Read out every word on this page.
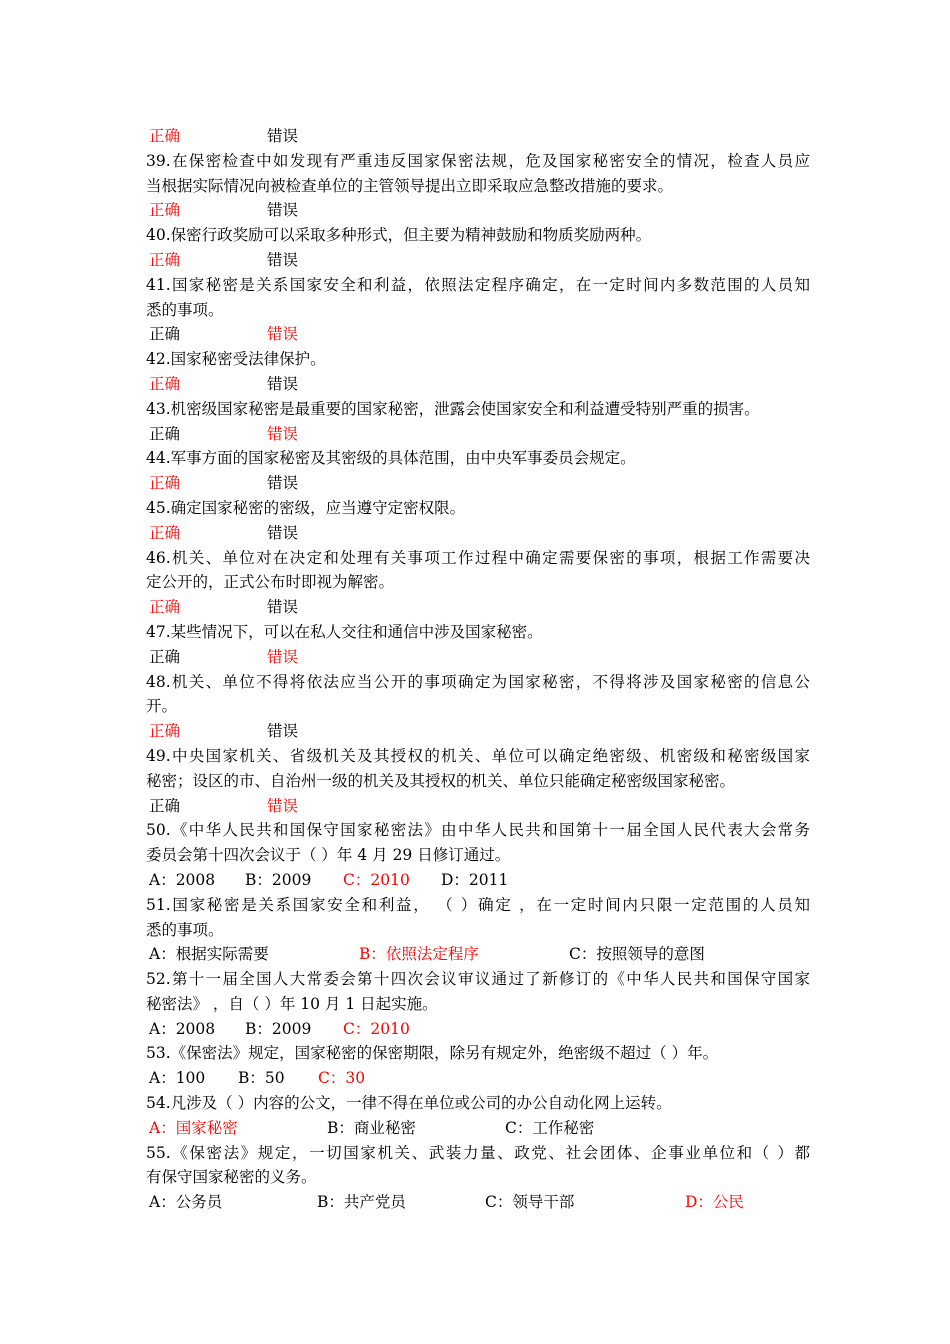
正确	错误
39.在保密检查中如发现有严重违反国家保密法规，危及国家秘密安全的情况，检查人员应
当根据实际情况向被检查单位的主管领导提出立即采取应急整改措施的要求。
正确	错误
40.保密行政奖励可以采取多种形式，但主要为精神鼓励和物质奖励两种。
正确	错误
41.国家秘密是关系国家安全和利益，依照法定程序确定，在一定时间内多数范围的人员知
悉的事项。
正确	错误
42.国家秘密受法律保护。
正确	错误
43.机密级国家秘密是最重要的国家秘密，泄露会使国家安全和利益遭受特别严重的损害。
正确	错误
44.军事方面的国家秘密及其密级的具体范围，由中央军事委员会规定。
正确	错误
45.确定国家秘密的密级，应当遵守定密权限。
正确	错误
46.机关、单位对在决定和处理有关事项工作过程中确定需要保密的事项，根据工作需要决
定公开的，正式公布时即视为解密。
正确	错误
47.某些情况下，可以在私人交往和通信中涉及国家秘密。
正确	错误
48.机关、单位不得将依法应当公开的事项确定为国家秘密，不得将涉及国家秘密的信息公
开。
正确	错误
49.中央国家机关、省级机关及其授权的机关、单位可以确定绝密级、机密级和秘密级国家
秘密；设区的市、自治州一级的机关及其授权的机关、单位只能确定秘密级国家秘密。
正确	错误
50.《中华人民共和国保守国家秘密法》由中华人民共和国第十一届全国人民代表大会常务
委员会第十四次会议于（ ）年 4 月 29 日修订通过。
A：2008 B：2009 C：2010 D：2011
51.国家秘密是关系国家安全和利益， （ ）确定 ，在一定时间内只限一定范围的人员知
悉的事项。
A：根据实际需要	B：依照法定程序	C：按照领导的意图
52.第十一届全国人大常委会第十四次会议审议通过了新修订的《中华人民共和国保守国家
秘密法》 ，自（ ）年 10 月 1 日起实施。
A：2008 B：2009 C：2010
53.《保密法》规定，国家秘密的保密期限，除另有规定外，绝密级不超过（ ）年。
A：100 B：50 C：30
54.凡涉及（ ）内容的公文，一律不得在单位或公司的办公自动化网上运转。
A：国家秘密	B：商业秘密	C：工作秘密
55.《保密法》规定，一切国家机关、武装力量、政党、社会团体、企事业单位和（ ）都
有保守国家秘密的义务。
A：公务员	B：共产党员	C：领导干部	D：公民
